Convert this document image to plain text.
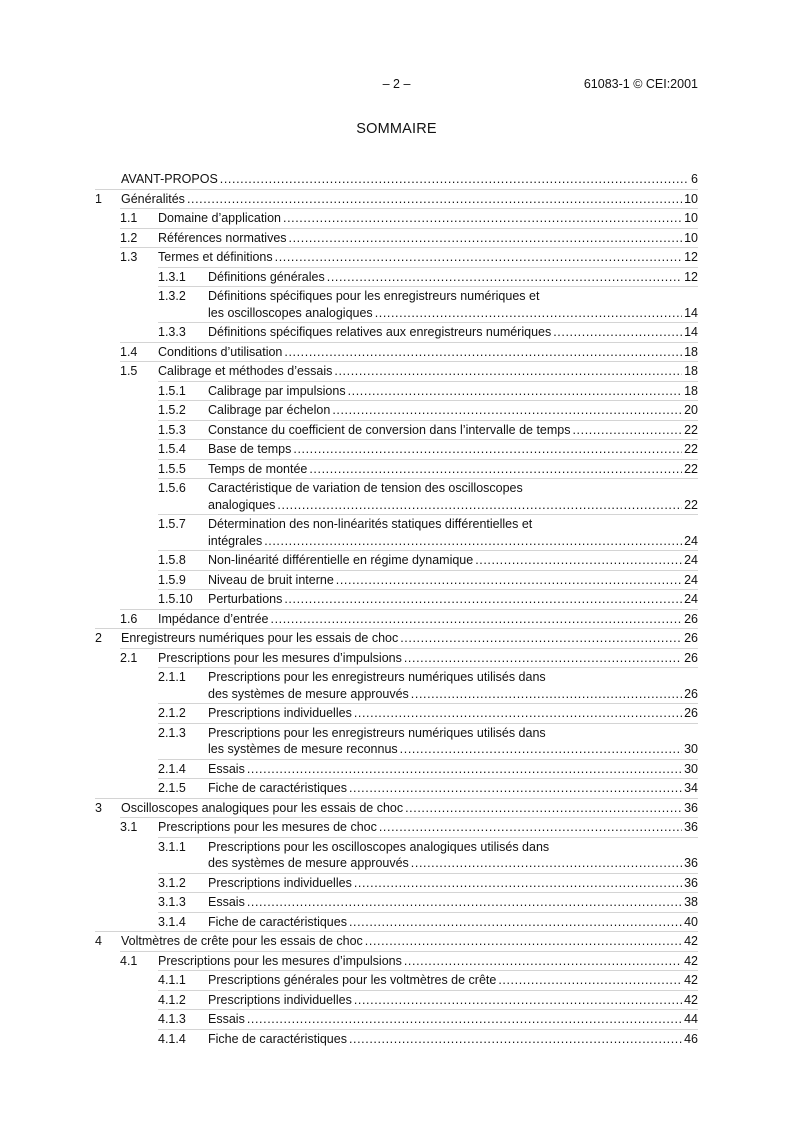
– 2 –	61083-1 © CEI:2001
SOMMAIRE
AVANT-PROPOS .....	6
1	Généralités .....	10
1.1	Domaine d’application .....	10
1.2	Références normatives .....	10
1.3	Termes et définitions .....	12
1.3.1	Définitions générales .....	12
1.3.2	Définitions spécifiques pour les enregistreurs numériques et
les oscilloscopes analogiques .....	14
1.3.3	Définitions spécifiques relatives aux enregistreurs numériques .....	14
1.4	Conditions d’utilisation .....	18
1.5	Calibrage et méthodes d’essais .....	18
1.5.1	Calibrage par impulsions .....	18
1.5.2	Calibrage par échelon .....	20
1.5.3	Constance du coefficient de conversion dans l’intervalle de temps .....	22
1.5.4	Base de temps .....	22
1.5.5	Temps de montée .....	22
1.5.6	Caractéristique de variation de tension des oscilloscopes
analogiques .....	22
1.5.7	Détermination des non-linéarités statiques différentielles et
intégrales .....	24
1.5.8	Non-linéarité différentielle en régime dynamique .....	24
1.5.9	Niveau de bruit interne .....	24
1.5.10	Perturbations .....	24
1.6	Impédance d’entrée .....	26
2	Enregistreurs numériques pour les essais de choc .....	26
2.1	Prescriptions pour les mesures d’impulsions .....	26
2.1.1	Prescriptions pour les enregistreurs numériques utilisés dans
des systèmes de mesure approuvés .....	26
2.1.2	Prescriptions individuelles .....	26
2.1.3	Prescriptions pour les enregistreurs numériques utilisés dans
les systèmes de mesure reconnus .....	30
2.1.4	Essais .....	30
2.1.5	Fiche de caractéristiques .....	34
3	Oscilloscopes analogiques pour les essais de choc .....	36
3.1	Prescriptions pour les mesures de choc .....	36
3.1.1	Prescriptions pour les oscilloscopes analogiques utilisés dans
des systèmes de mesure approuvés .....	36
3.1.2	Prescriptions individuelles .....	36
3.1.3	Essais .....	38
3.1.4	Fiche de caractéristiques .....	40
4	Voltmètres de crête pour les essais de choc .....	42
4.1	Prescriptions pour les mesures d’impulsions .....	42
4.1.1	Prescriptions générales pour les voltmètres de crête .....	42
4.1.2	Prescriptions individuelles .....	42
4.1.3	Essais .....	44
4.1.4	Fiche de caractéristiques .....	46
